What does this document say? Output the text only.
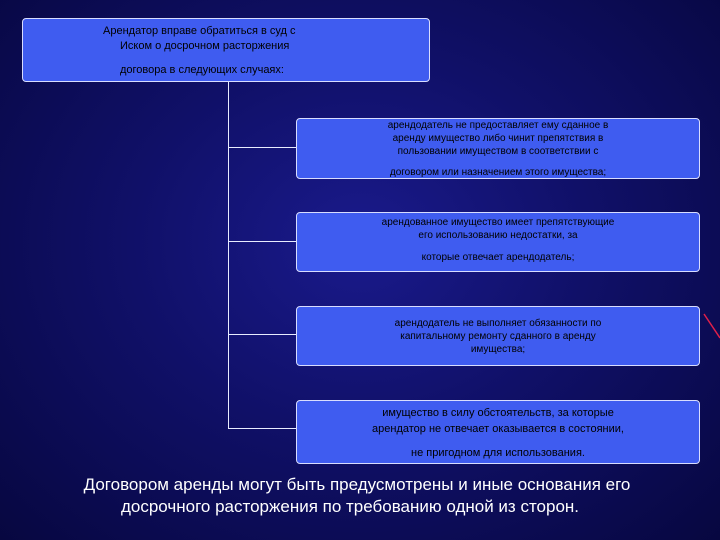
Арендатор вправе обратиться в суд с
Иском о досрочном расторжения
договора в следующих случаях:
арендодатель не предоставляет ему сданное в
аренду имущество либо чинит препятствия в
пользовании имуществом в соответствии с
договором или назначением этого имущества;
арендованное имущество имеет препятствующие
его использованию недостатки, за
которые отвечает арендодатель;
арендодатель не выполняет обязанности по
капитальному ремонту сданного в аренду
имущества;
имущество в силу обстоятельств, за которые
арендатор не отвечает оказывается в состоянии,
не пригодном для использования.
Договором аренды могут быть предусмотрены и иные основания его
досрочного расторжения по требованию одной из сторон.
